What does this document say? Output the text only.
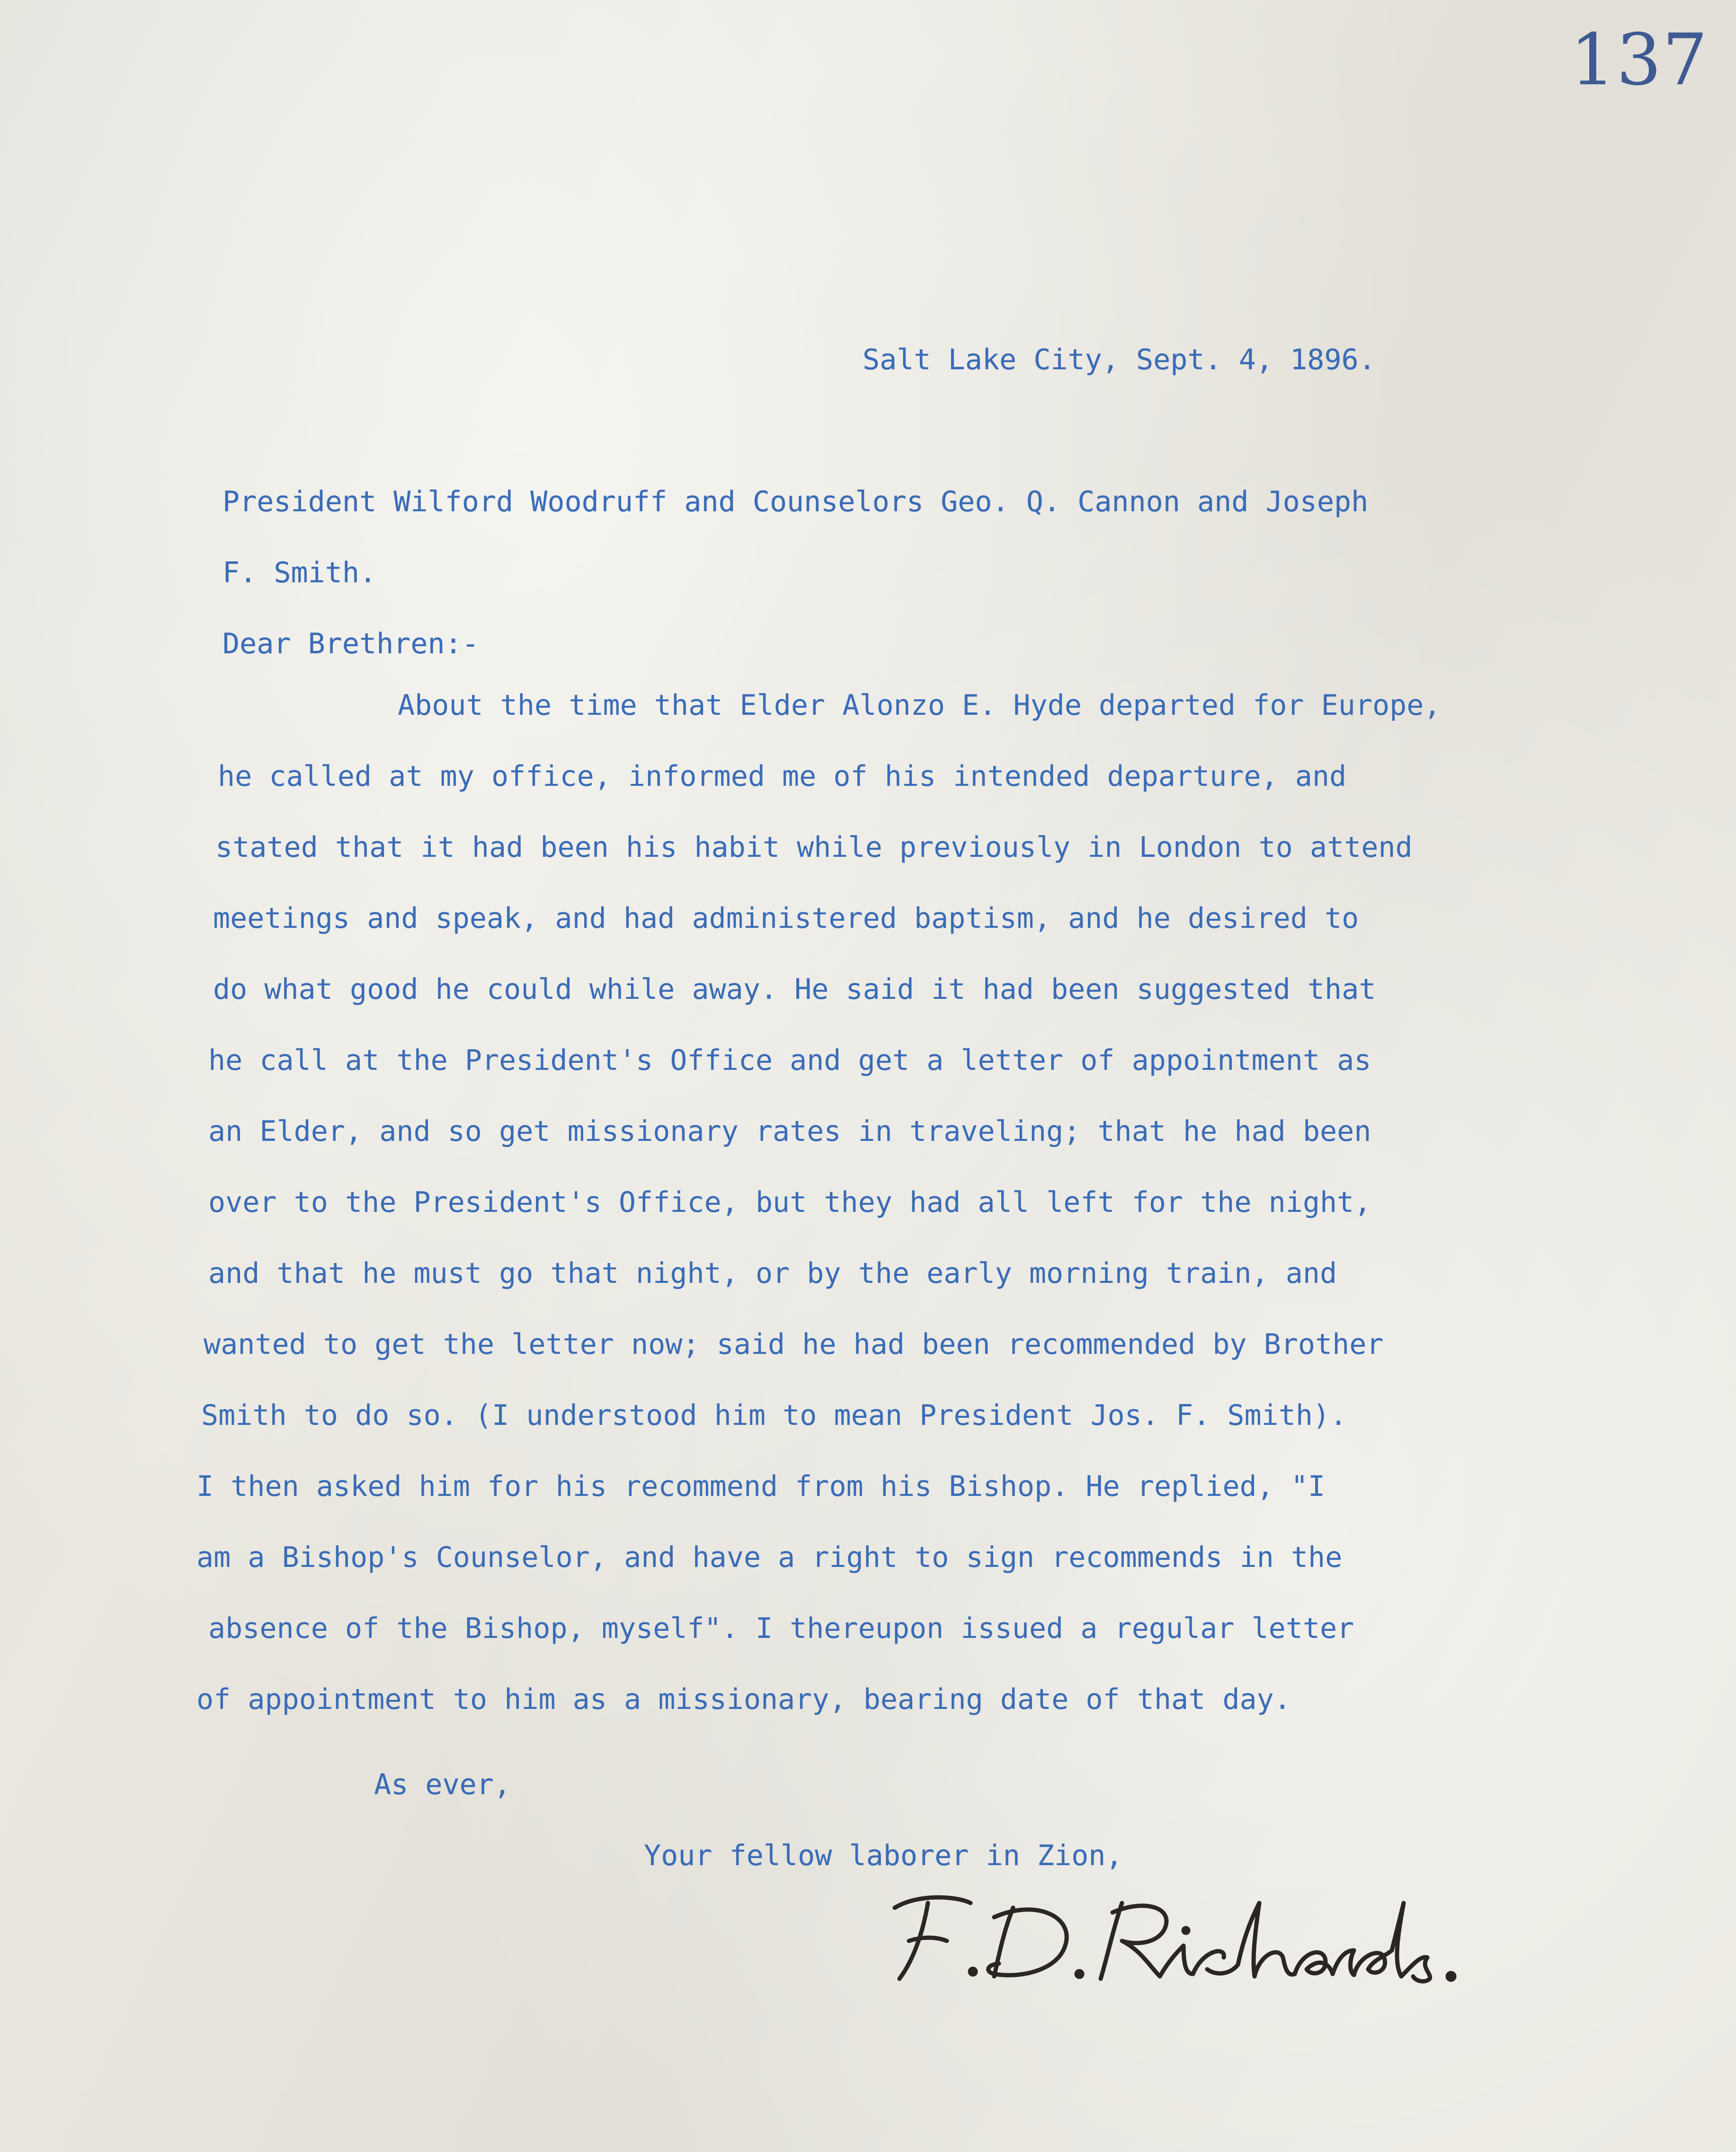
137
Salt Lake City, Sept. 4, 1896.
President Wilford Woodruff and Counselors Geo. Q. Cannon and Joseph
F. Smith.
Dear Brethren:-
About the time that Elder Alonzo E. Hyde departed for Europe,
he called at my office, informed me of his intended departure, and
stated that it had been his habit while previously in London to attend
meetings and speak, and had administered baptism, and he desired to
do what good he could while away. He said it had been suggested that
he call at the President's Office and get a letter of appointment as
an Elder, and so get missionary rates in traveling; that he had been
over to the President's Office, but they had all left for the night,
and that he must go that night, or by the early morning train, and
wanted to get the letter now; said he had been recommended by Brother
Smith to do so. (I understood him to mean President Jos. F. Smith).
I then asked him for his recommend from his Bishop. He replied, "I
am a Bishop's Counselor, and have a right to sign recommends in the
absence of the Bishop, myself". I thereupon issued a regular letter
of appointment to him as a missionary, bearing date of that day.
As ever,
Your fellow laborer in Zion,
